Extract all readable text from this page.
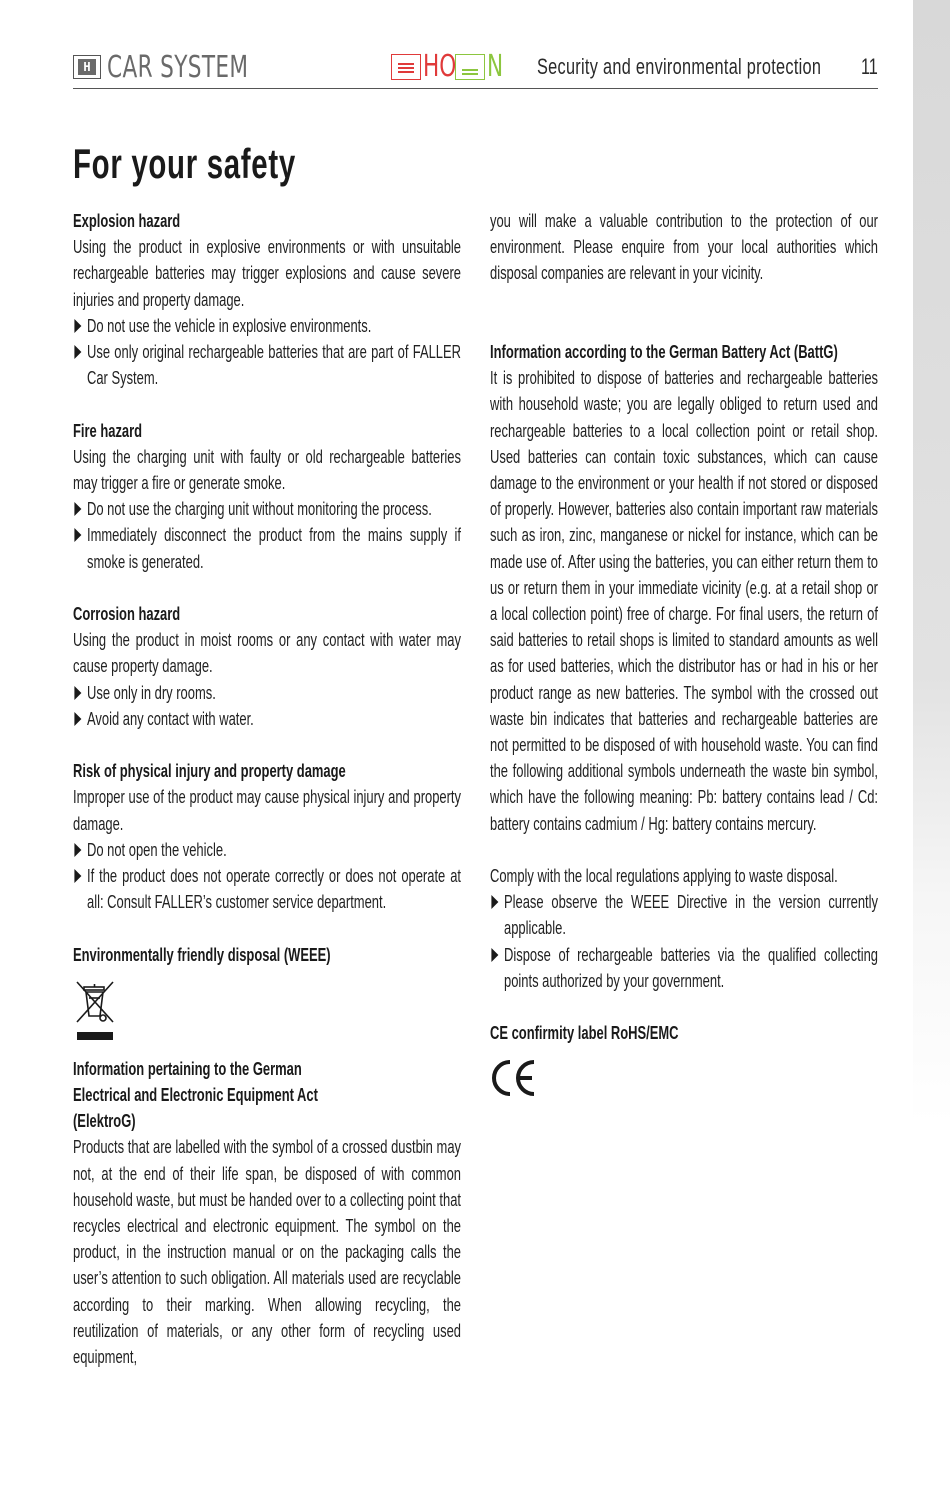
H CAR SYSTEM	HO N Security and environmental protection 11
For your safety

Explosion hazard

Using the product in explosive environments or with unsuitable rechargeable batteries may trigger explosions and cause severe injuries and property damage.

Do not use the vehicle in explosive environments.
Use only original rechargeable batteries that are part of FALLER Car System.

Fire hazard

Using the charging unit with faulty or old rechargeable batteries may trigger a fire or generate smoke.

Do not use the charging unit without monitoring the process.
Immediately disconnect the product from the mains supply if smoke is generated.

Corrosion hazard

Using the product in moist rooms or any contact with water may cause property damage.

Use only in dry rooms.
Avoid any contact with water.

Risk of physical injury and property damage

Improper use of the product may cause physical injury and property damage.

Do not open the vehicle.
If the product does not operate correctly or does not operate at all: Consult FALLER’s customer service department.

Environmentally friendly disposal (WEEE)

Information pertaining to the German

Electrical and Electronic Equipment Act

(ElektroG)

Products that are labelled with the symbol of a crossed dustbin may not, at the end of their life span, be disposed of with common household waste, but must be handed over to a collecting point that recycles electrical and electronic equipment. The symbol on the product, in the instruction manual or on the packaging calls the user’s attention to such obligation. All materials used are recyclable according to their marking. When allowing recycling, the reutilization of materials, or any other form of recycling used equipment,

you will make a valuable contribution to the protection of our environment. Please enquire from your local authorities which disposal companies are relevant in your vicinity.

Information according to the German Battery Act (BattG)

It is prohibited to dispose of batteries and rechargeable batteries with household waste; you are legally obliged to return used and rechargeable batteries to a local collection point or retail shop. Used batteries can contain toxic substances, which can cause damage to the environment or your health if not stored or disposed of properly. However, batteries also contain important raw materials such as iron, zinc, manganese or nickel for instance, which can be made use of. After using the batteries, you can either return them to us or return them in your immediate vicinity (e.g. at a retail shop or a local collection point) free of charge. For final users, the return of said batteries to retail shops is limited to standard amounts as well as for used batteries, which the distributor has or had in his or her product range as new batteries. The symbol with the crossed out waste bin indicates that batteries and rechargeable batteries are not permitted to be disposed of with household waste. You can find the following additional symbols underneath the waste bin symbol, which have the following meaning: Pb: battery contains lead / Cd: battery contains cadmium / Hg: battery contains mercury.

Comply with the local regulations applying to waste disposal.

Please observe the WEEE Directive in the version currently applicable.
Dispose of rechargeable batteries via the qualified collecting points authorized by your government.

CE confirmity label RoHS/EMC
